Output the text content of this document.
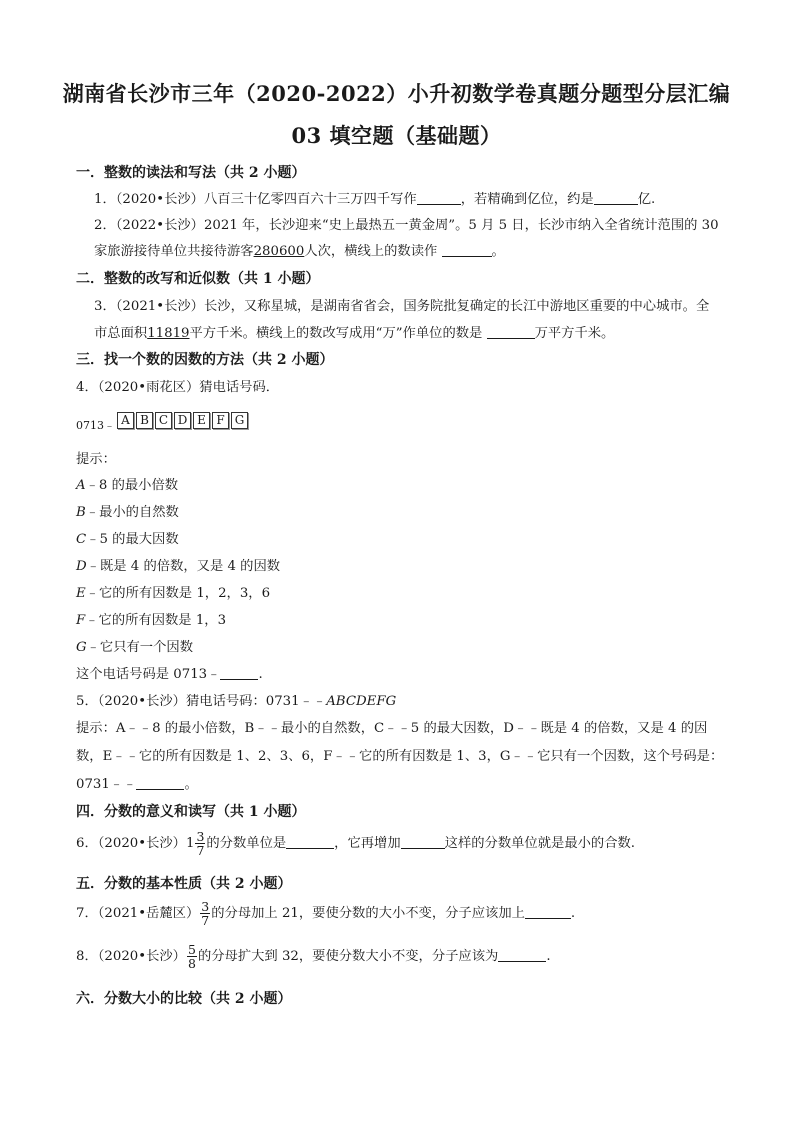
湖南省长沙市三年（2020-2022）小升初数学卷真题分题型分层汇编
03 填空题（基础题）
一．整数的读法和写法（共 2 小题）
1．（2020•长沙）八百三十亿零四百六十三万四千写作	，若精确到亿位，约是	亿.
2．（2022•长沙）2021 年，长沙迎来“史上最热五一黄金周”。5 月 5 日，长沙市纳入全省统计范围的 30
家旅游接待单位共接待游客280600人次，横线上的数读作	。
二．整数的改写和近似数（共 1 小题）
3．（2021•长沙）长沙，又称星城，是湖南省省会，国务院批复确定的长江中游地区重要的中心城市。全
市总面积11819平方千米。横线上的数改写成用“万”作单位的数是	万平方千米。
三．找一个数的因数的方法（共 2 小题）
4．（2020•雨花区）猜电话号码．
0713﹣ A B C D E F G
提示：
A﹣8 的最小倍数
B﹣最小的自然数
C﹣5 的最大因数
D﹣既是 4 的倍数，又是 4 的因数
E﹣它的所有因数是 1，2，3，6
F﹣它的所有因数是 1，3
G﹣它只有一个因数
这个电话号码是 0713﹣	.
5．（2020•长沙）猜电话号码：0731﹣﹣ABCDEFG
提示：A﹣﹣8 的最小倍数，B﹣﹣最小的自然数，C﹣﹣5 的最大因数，D﹣﹣既是 4 的倍数，又是 4 的因
数，E﹣﹣它的所有因数是 1、2、3、6，F﹣﹣它的所有因数是 1、3，G﹣﹣它只有一个因数，这个号码是：
0731﹣﹣	。
四．分数的意义和读写（共 1 小题）
6．（2020•长沙）$1 \frac{3}{7}$ 的分数单位是	，它再增加	这样的分数单位就是最小的合数.
五．分数的基本性质（共 2 小题）
7．（2021•岳麓区） $\frac{3}{7}$ 的分母加上 21，要使分数的大小不变，分子应该加上	.
8．（2020•长沙） $\frac{5}{8}$ 的分母扩大到 32，要使分数大小不变，分子应该为	.
六．分数大小的比较（共 2 小题）
